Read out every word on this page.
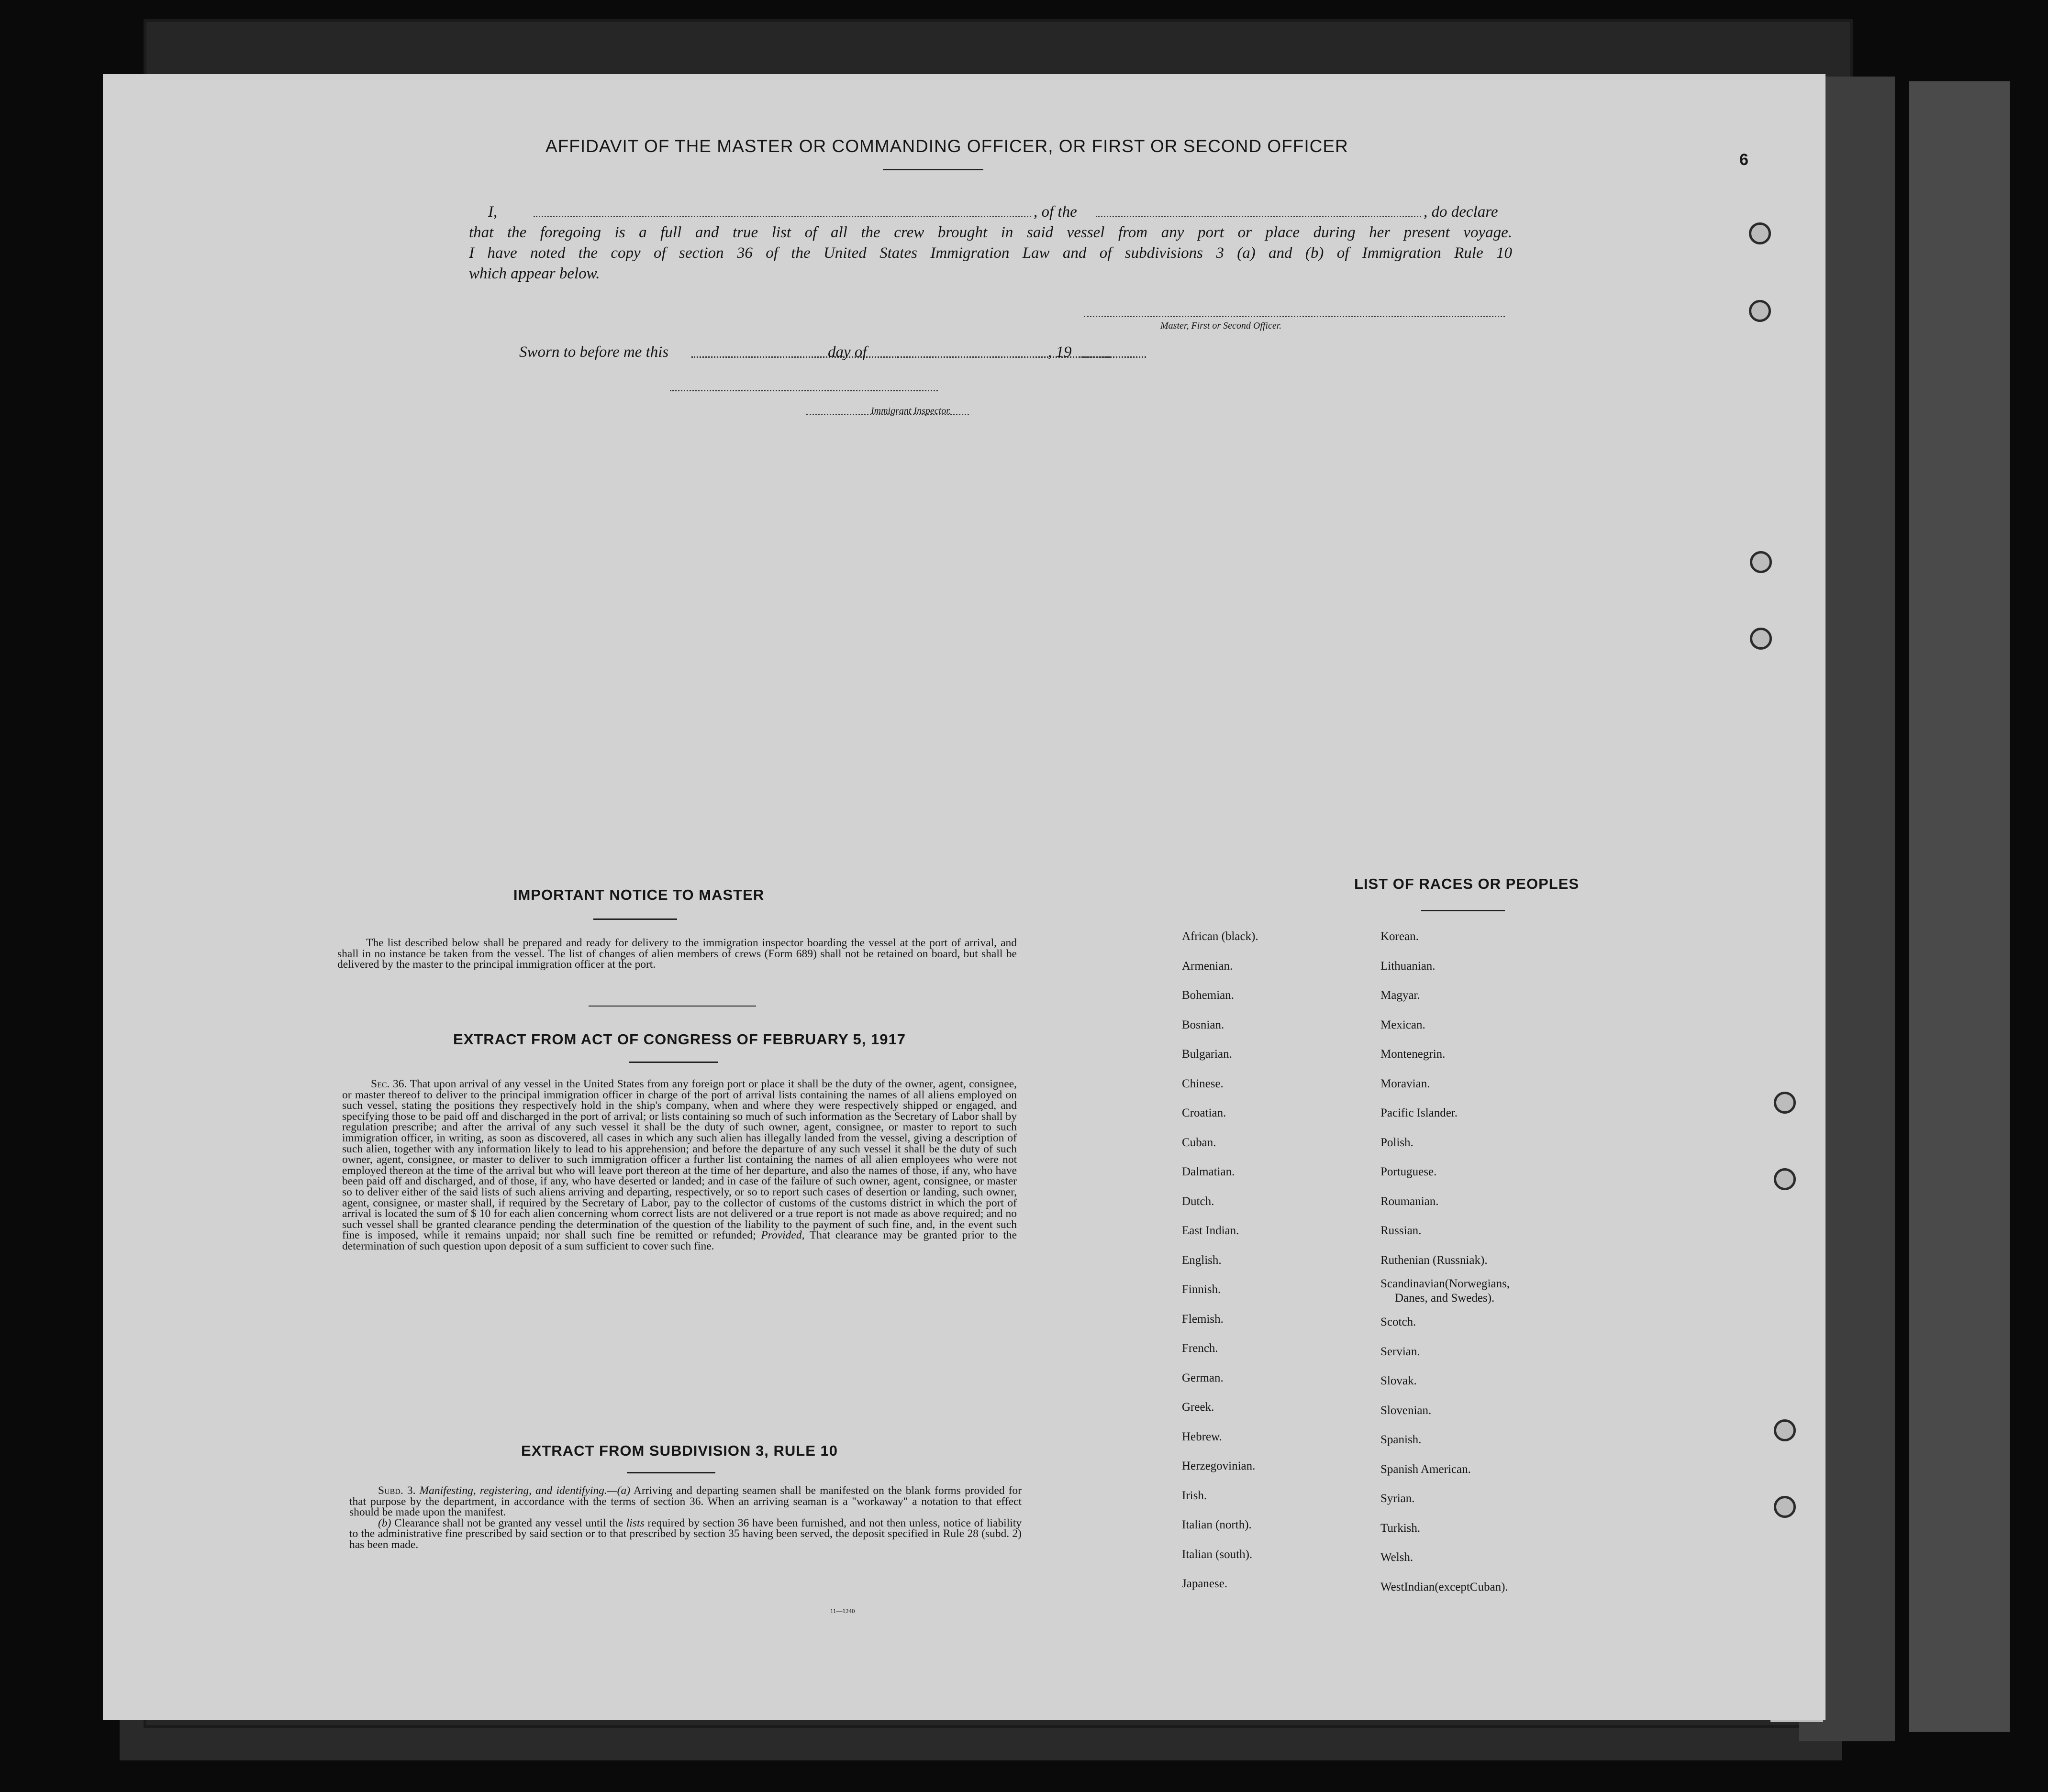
6
AFFIDAVIT OF THE MASTER OR COMMANDING OFFICER, OR FIRST OR SECOND OFFICER
I,	, of the	, do declare
that the foregoing is a full and true list of all the crew brought in said vessel from any port or place during her present voyage.
I have noted the copy of section 36 of the United States Immigration Law and of subdivisions 3 (a) and (b) of Immigration Rule 10
which appear below.
Master, First or Second Officer.
Sworn to before me this	day of	, 19
Immigrant Inspector.
IMPORTANT NOTICE TO MASTER

The list described below shall be prepared and ready for delivery to the immigration inspector boarding the vessel at the port of arrival, and shall in no instance be taken from the vessel. The list of changes of alien members of crews (Form 689) shall not be retained on board, but shall be delivered by the master to the principal immigration officer at the port.

EXTRACT FROM ACT OF CONGRESS OF FEBRUARY 5, 1917

Sec. 36. That upon arrival of any vessel in the United States from any foreign port or place it shall be the duty of the owner, agent, consignee, or master thereof to deliver to the principal immigration officer in charge of the port of arrival lists containing the names of all aliens employed on such vessel, stating the positions they respectively hold in the ship's company, when and where they were respectively shipped or engaged, and specifying those to be paid off and discharged in the port of arrival; or lists containing so much of such information as the Secretary of Labor shall by regulation prescribe; and after the arrival of any such vessel it shall be the duty of such owner, agent, consignee, or master to report to such immigration officer, in writing, as soon as discovered, all cases in which any such alien has illegally landed from the vessel, giving a description of such alien, together with any information likely to lead to his apprehension; and before the departure of any such vessel it shall be the duty of such owner, agent, consignee, or master to deliver to such immigration officer a further list containing the names of all alien employees who were not employed thereon at the time of the arrival but who will leave port thereon at the time of her departure, and also the names of those, if any, who have been paid off and discharged, and of those, if any, who have deserted or landed; and in case of the failure of such owner, agent, consignee, or master so to deliver either of the said lists of such aliens arriving and departing, respectively, or so to report such cases of desertion or landing, such owner, agent, consignee, or master shall, if required by the Secretary of Labor, pay to the collector of customs of the customs district in which the port of arrival is located the sum of $ 10 for each alien concerning whom correct lists are not delivered or a true report is not made as above required; and no such vessel shall be granted clearance pending the determination of the question of the liability to the payment of such fine, and, in the event such fine is imposed, while it remains unpaid; nor shall such fine be remitted or refunded; Provided, That clearance may be granted prior to the determination of such question upon deposit of a sum sufficient to cover such fine.

EXTRACT FROM SUBDIVISION 3, RULE 10

Subd. 3. Manifesting, registering, and identifying.—(a) Arriving and departing seamen shall be manifested on the blank forms provided for that purpose by the department, in accordance with the terms of section 36. When an arriving seaman is a "workaway" a notation to that effect should be made upon the manifest.

(b) Clearance shall not be granted any vessel until the lists required by section 36 have been furnished, and not then unless, notice of liability to the administrative fine prescribed by said section or to that prescribed by section 35 having been served, the deposit specified in Rule 28 (subd. 2) has been made.

11—1240
LIST OF RACES OR PEOPLES
African (black).
Armenian.
Bohemian.
Bosnian.
Bulgarian.
Chinese.
Croatian.
Cuban.
Dalmatian.
Dutch.
East Indian.
English.
Finnish.
Flemish.
French.
German.
Greek.
Hebrew.
Herzegovinian.
Irish.
Italian (north).
Italian (south).
Japanese.
Korean.
Lithuanian.
Magyar.
Mexican.
Montenegrin.
Moravian.
Pacific Islander.
Polish.
Portuguese.
Roumanian.
Russian.
Ruthenian (Russniak).
Scandinavian(Norwegians,
Danes, and Swedes).
Scotch.
Servian.
Slovak.
Slovenian.
Spanish.
Spanish American.
Syrian.
Turkish.
Welsh.
WestIndian(exceptCuban).
